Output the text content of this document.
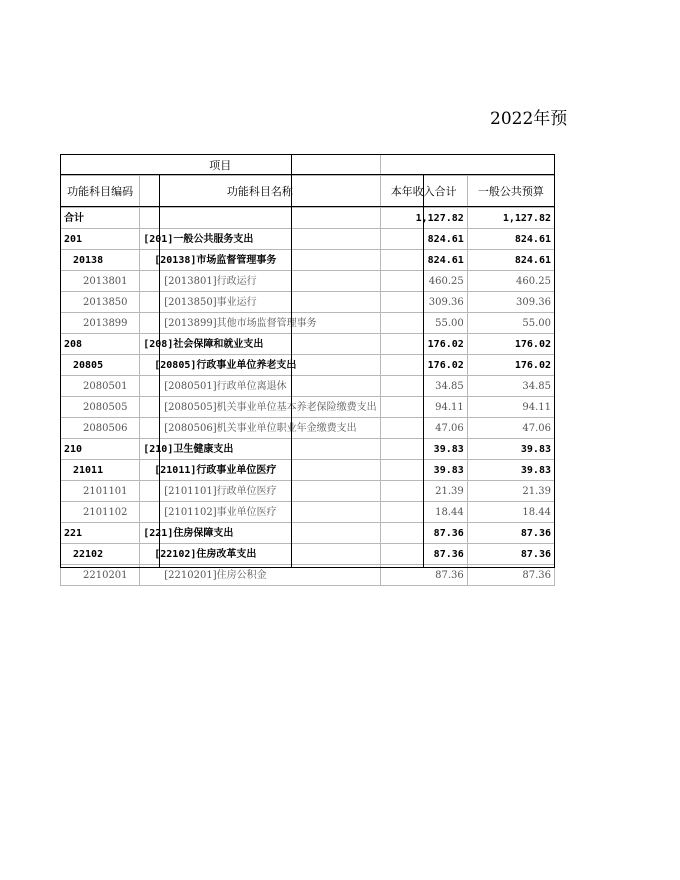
2022年预
项目			
功能科目编码	功能科目名称	本年收入合计	一般公共预算
合计		1,127.82	1,127.82
201	[201]一般公共服务支出	824.61	824.61
20138	[20138]市场监督管理事务	824.61	824.61
2013801	[2013801]行政运行	460.25	460.25
2013850	[2013850]事业运行	309.36	309.36
2013899	[2013899]其他市场监督管理事务	55.00	55.00
208	[208]社会保障和就业支出	176.02	176.02
20805	[20805]行政事业单位养老支出	176.02	176.02
2080501	[2080501]行政单位离退休	34.85	34.85
2080505	[2080505]机关事业单位基本养老保险缴费支出	94.11	94.11
2080506	[2080506]机关事业单位职业年金缴费支出	47.06	47.06
210	[210]卫生健康支出	39.83	39.83
21011	[21011]行政事业单位医疗	39.83	39.83
2101101	[2101101]行政单位医疗	21.39	21.39
2101102	[2101102]事业单位医疗	18.44	18.44
221	[221]住房保障支出	87.36	87.36
22102	[22102]住房改革支出	87.36	87.36
2210201	[2210201]住房公积金	87.36	87.36
